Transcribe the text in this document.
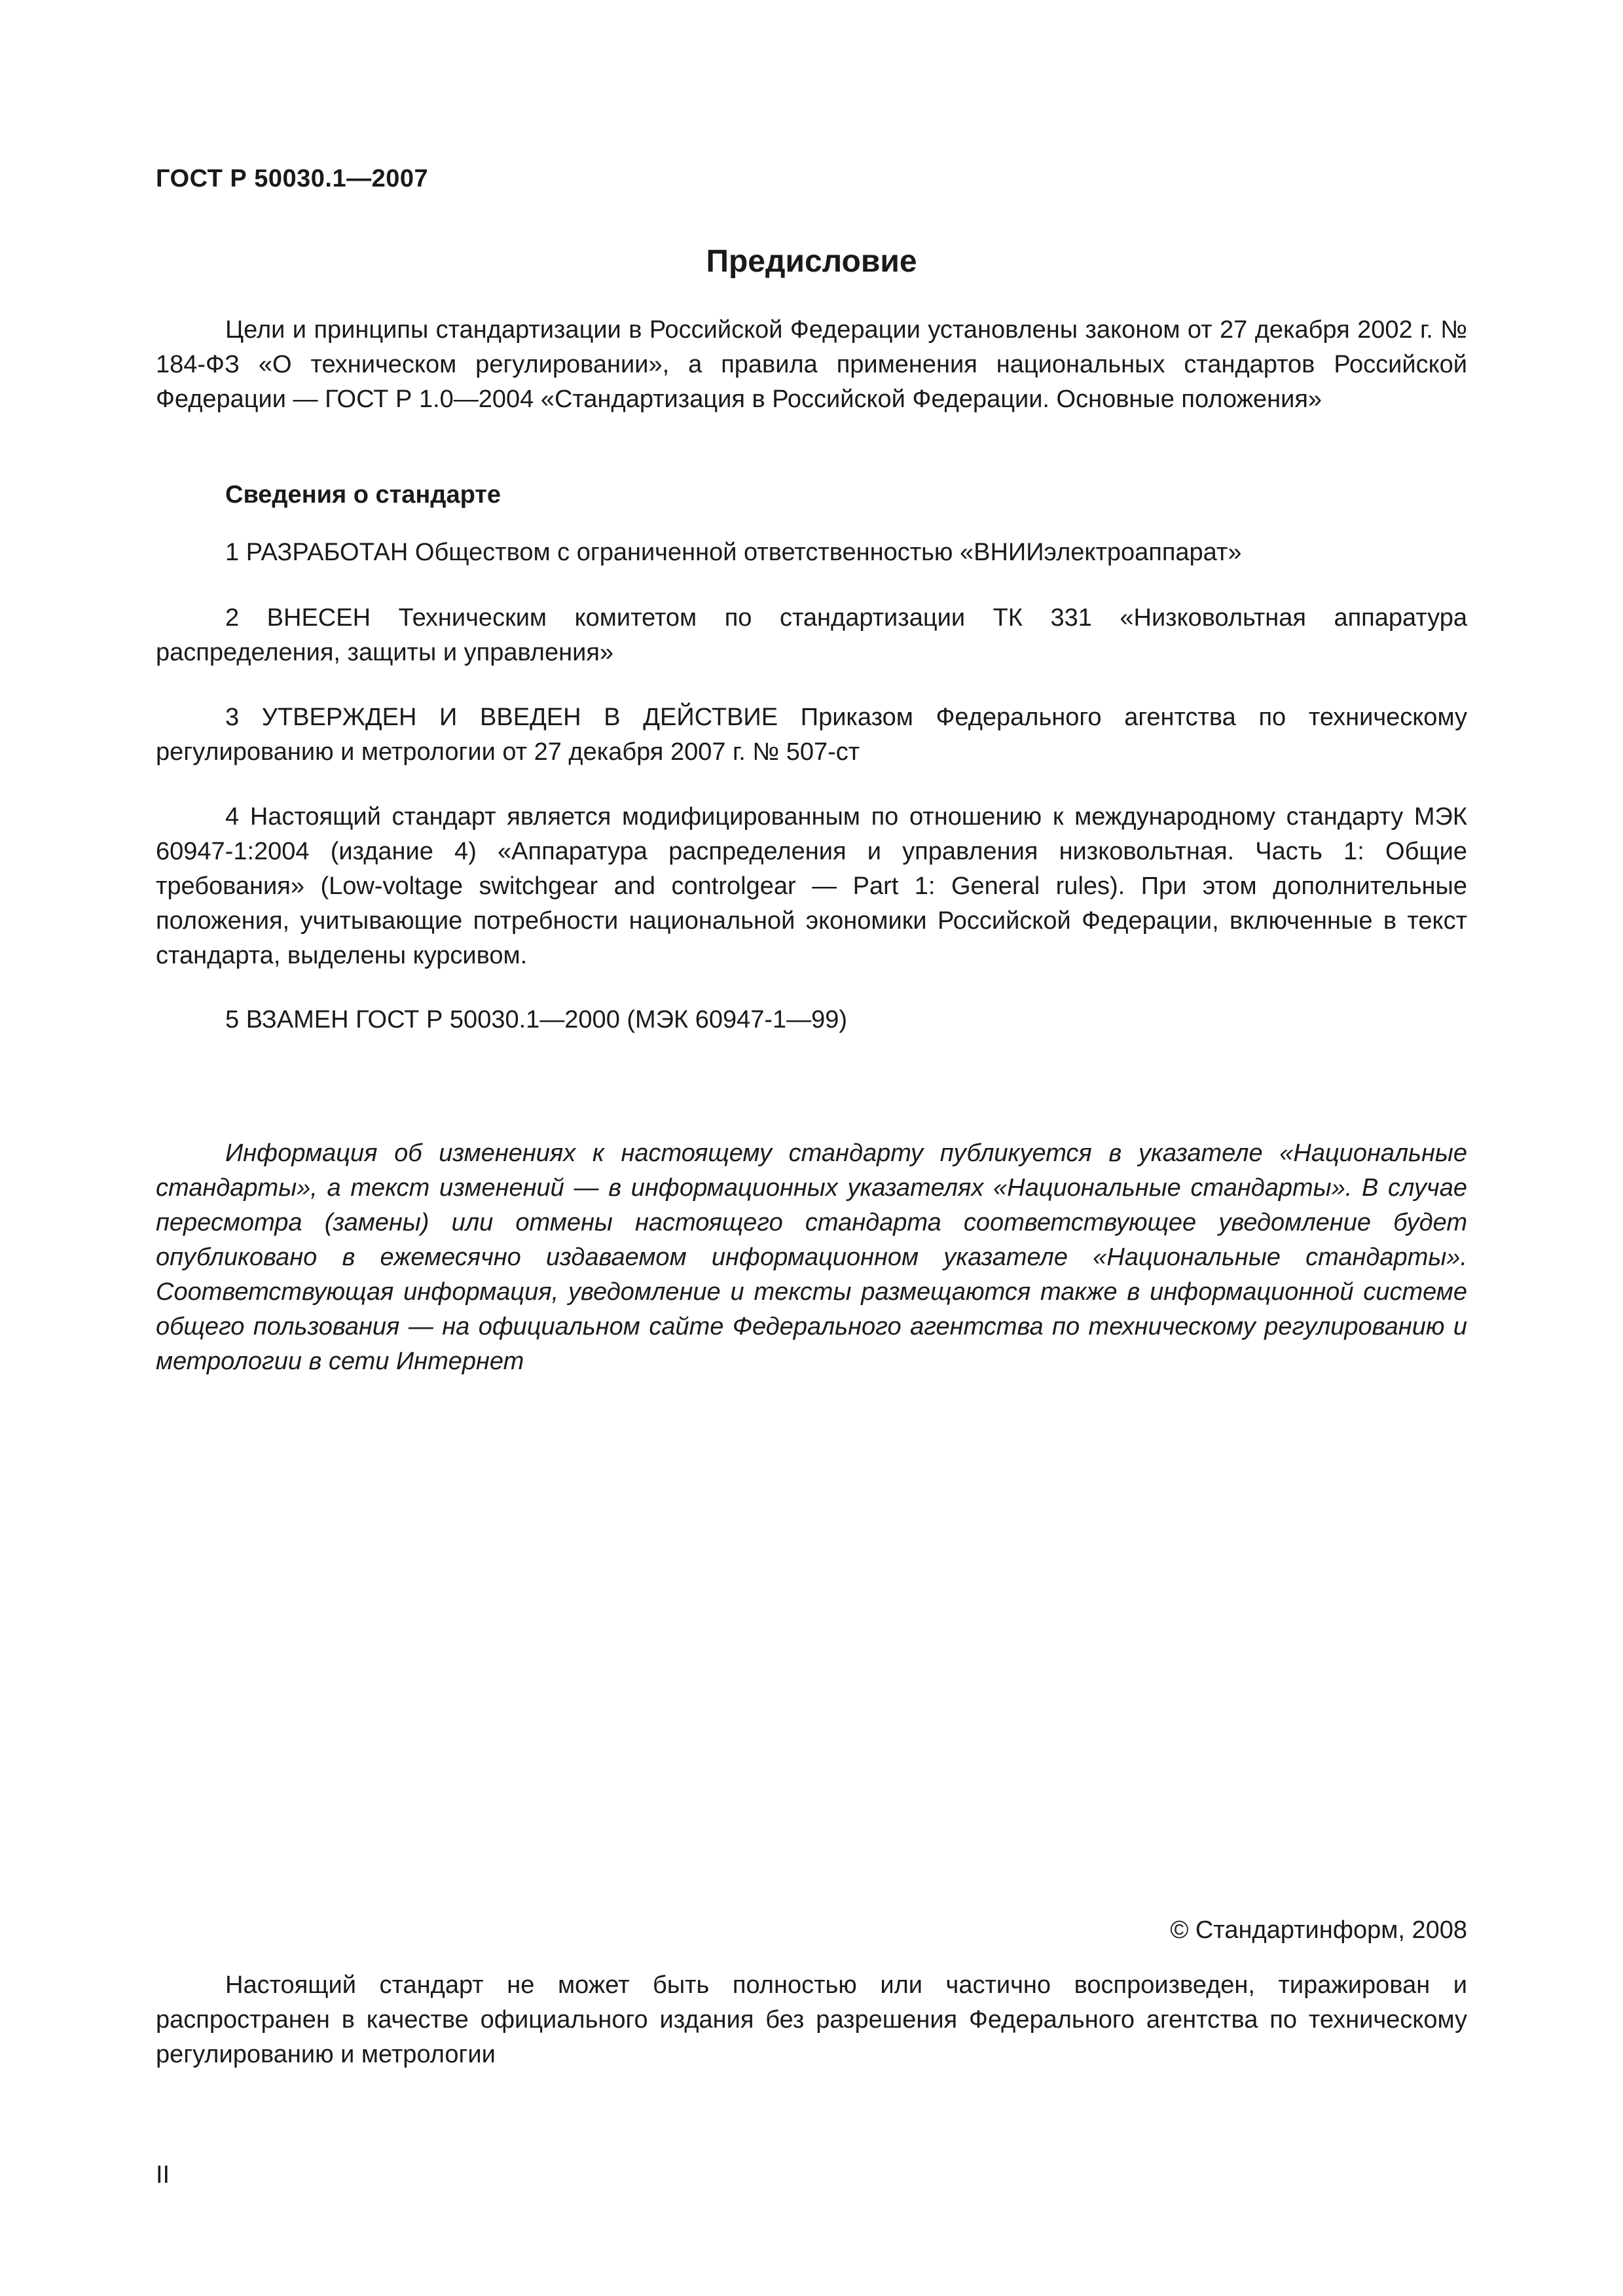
ГОСТ Р 50030.1—2007
Предисловие

Цели и принципы стандартизации в Российской Федерации установлены законом от 27 декабря 2002 г. № 184-ФЗ «О техническом регулировании», а правила применения национальных стандартов Российской Федерации — ГОСТ Р 1.0—2004 «Стандартизация в Российской Федерации. Основные положения»

Сведения о стандарте

1 РАЗРАБОТАН Обществом с ограниченной ответственностью «ВНИИэлектроаппарат»

2 ВНЕСЕН Техническим комитетом по стандартизации ТК 331 «Низковольтная аппаратура распределения, защиты и управления»

3 УТВЕРЖДЕН И ВВЕДЕН В ДЕЙСТВИЕ Приказом Федерального агентства по техническому регулированию и метрологии от 27 декабря 2007 г. № 507-ст

4 Настоящий стандарт является модифицированным по отношению к международному стандарту МЭК 60947-1:2004 (издание 4) «Аппаратура распределения и управления низковольтная. Часть 1: Общие требования» (Low-voltage switchgear and controlgear — Part 1: General rules). При этом дополнительные положения, учитывающие потребности национальной экономики Российской Федерации, включенные в текст стандарта, выделены курсивом.

5 ВЗАМЕН ГОСТ Р 50030.1—2000 (МЭК 60947-1—99)

Информация об изменениях к настоящему стандарту публикуется в указателе «Национальные стандарты», а текст изменений — в информационных указателях «Национальные стандарты». В случае пересмотра (замены) или отмены настоящего стандарта соответствующее уведомление будет опубликовано в ежемесячно издаваемом информационном указателе «Национальные стандарты». Соответствующая информация, уведомление и тексты размещаются также в информационной системе общего пользования — на официальном сайте Федерального агентства по техническому регулированию и метрологии в сети Интернет

© Стандартинформ, 2008

Настоящий стандарт не может быть полностью или частично воспроизведен, тиражирован и распространен в качестве официального издания без разрешения Федерального агентства по техническому регулированию и метрологии

II
